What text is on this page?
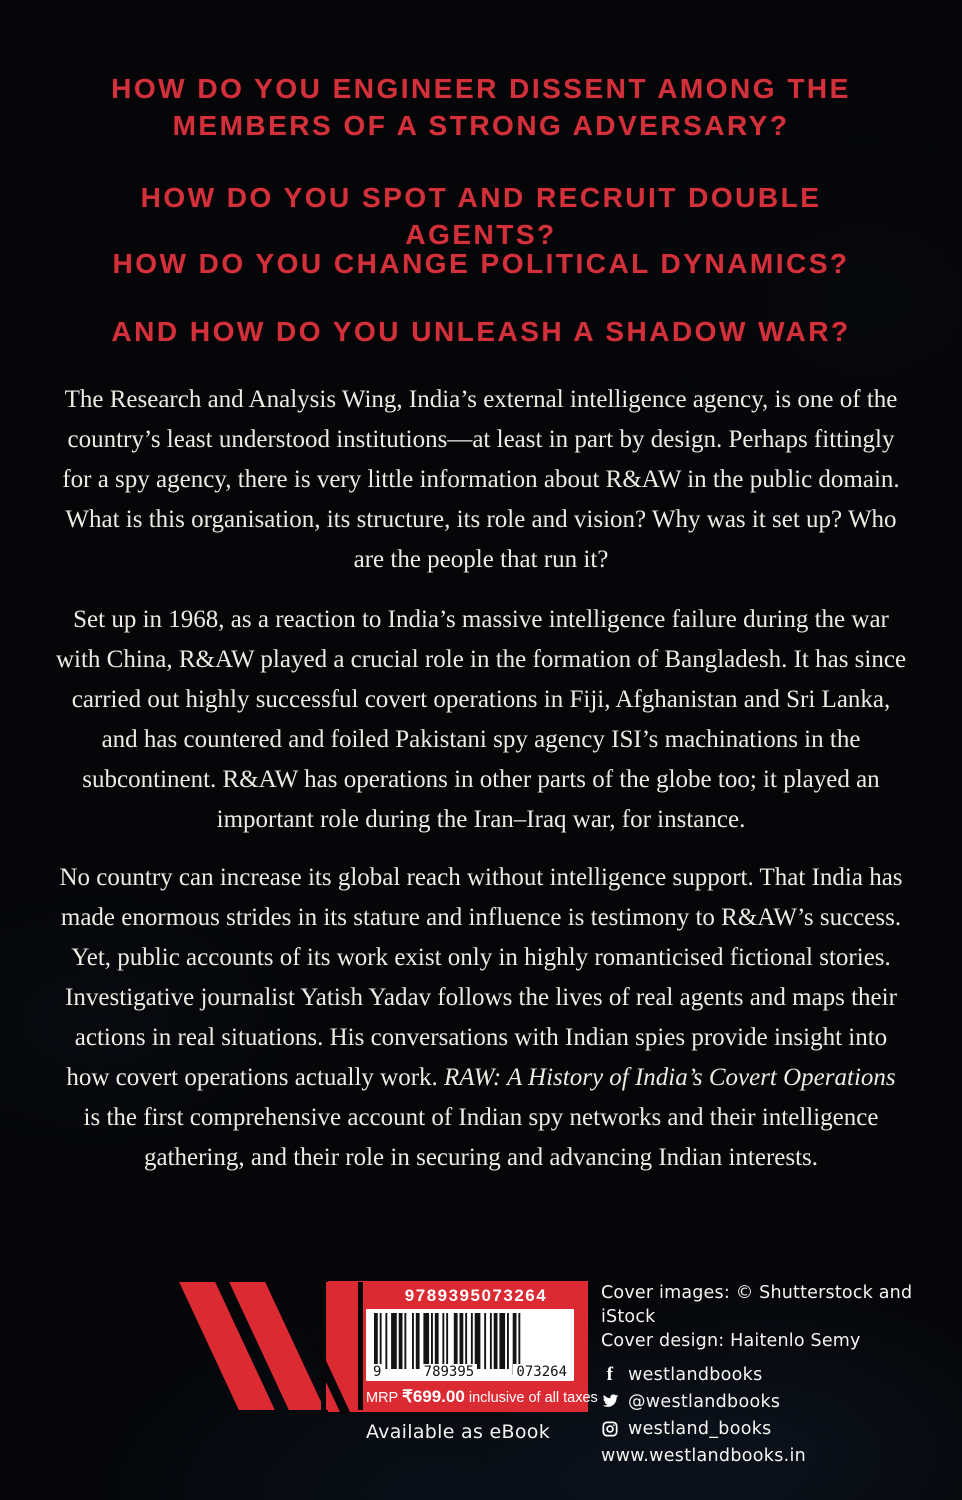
HOW DO YOU ENGINEER DISSENT AMONG THE MEMBERS OF A STRONG ADVERSARY?
HOW DO YOU SPOT AND RECRUIT DOUBLE AGENTS?
HOW DO YOU CHANGE POLITICAL DYNAMICS?
AND HOW DO YOU UNLEASH A SHADOW WAR?
The Research and Analysis Wing, India’s external intelligence agency, is one of the country’s least understood institutions—at least in part by design. Perhaps fittingly for a spy agency, there is very little information about R&AW in the public domain. What is this organisation, its structure, its role and vision? Why was it set up? Who are the people that run it?
Set up in 1968, as a reaction to India’s massive intelligence failure during the war with China, R&AW played a crucial role in the formation of Bangladesh. It has since carried out highly successful covert operations in Fiji, Afghanistan and Sri Lanka, and has countered and foiled Pakistani spy agency ISI’s machinations in the subcontinent. R&AW has operations in other parts of the globe too; it played an important role during the Iran–Iraq war, for instance.
No country can increase its global reach without intelligence support. That India has made enormous strides in its stature and influence is testimony to R&AW’s success. Yet, public accounts of its work exist only in highly romanticised fictional stories. Investigative journalist Yatish Yadav follows the lives of real agents and maps their actions in real situations. His conversations with Indian spies provide insight into how covert operations actually work. RAW: A History of India’s Covert Operations is the first comprehensive account of Indian spy networks and their intelligence gathering, and their role in securing and advancing Indian interests.
9789395073264
9	789395	073264
MRP ₹699.00 inclusive of all taxes
Available as eBook
Cover images: © Shutterstock and iStock
Cover design: Haitenlo Semy
f westlandbooks
@westlandbooks
westland_books
www.westlandbooks.in
